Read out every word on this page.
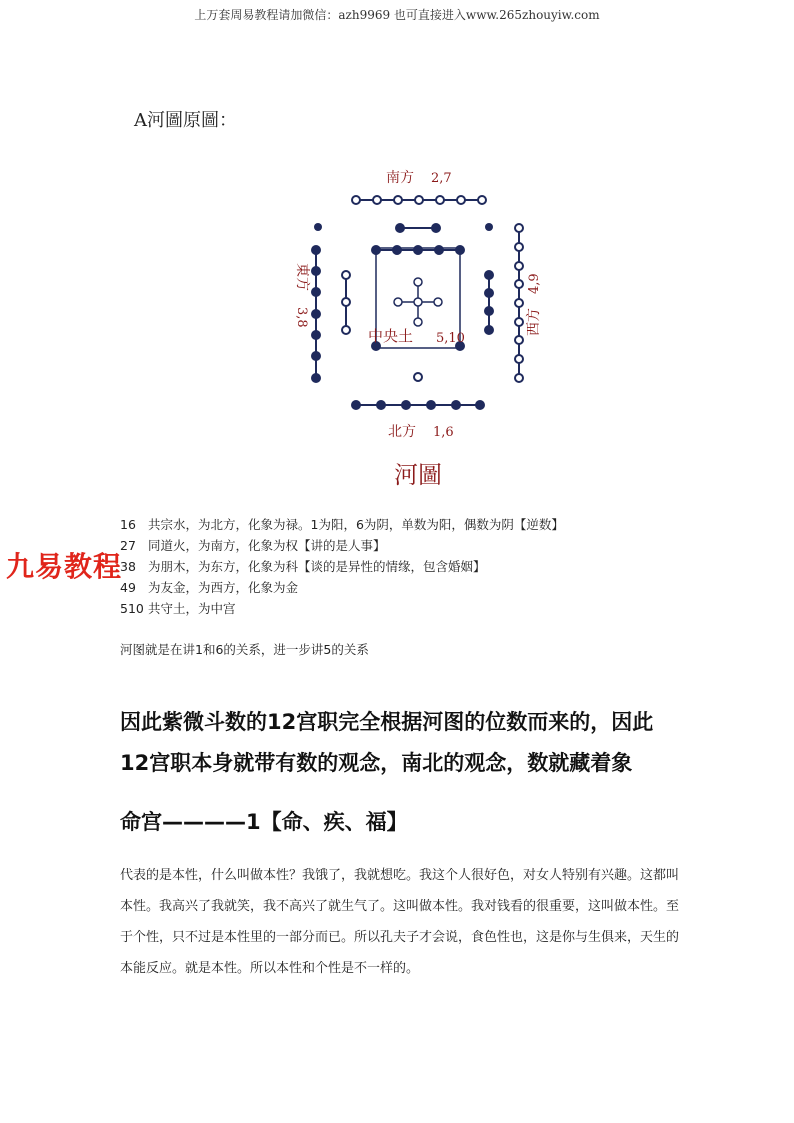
上万套周易教程请加微信：azh9969 也可直接进入www.265zhouyiw.com
A河圖原圖：
南方 2,7
中央土 5,10
北方 1,6
東方
3,8	西方
4,9
河圖
16 共宗水，为北方，化象为禄。1为阳，6为阴，单数为阳，偶数为阴【逆数】
27 同道火，为南方，化象为权【讲的是人事】
38 为朋木，为东方，化象为科【谈的是异性的情缘，包含婚姻】
49 为友金，为西方，化象为金
510 共守土，为中宫
九易教程
河图就是在讲1和6的关系，进一步讲5的关系
因此紫微斗数的12宫职完全根据河图的位数而来的，因此
12宫职本身就带有数的观念，南北的观念，数就藏着象
命宫————1【命、疾、福】
代表的是本性，什么叫做本性？我饿了，我就想吃。我这个人很好色，对女人特别有兴趣。这都叫本性。我高兴了我就笑，我不高兴了就生气了。这叫做本性。我对钱看的很重要，这叫做本性。至于个性，只不过是本性里的一部分而已。所以孔夫子才会说，食色性也，这是你与生俱来，天生的本能反应。就是本性。所以本性和个性是不一样的。
